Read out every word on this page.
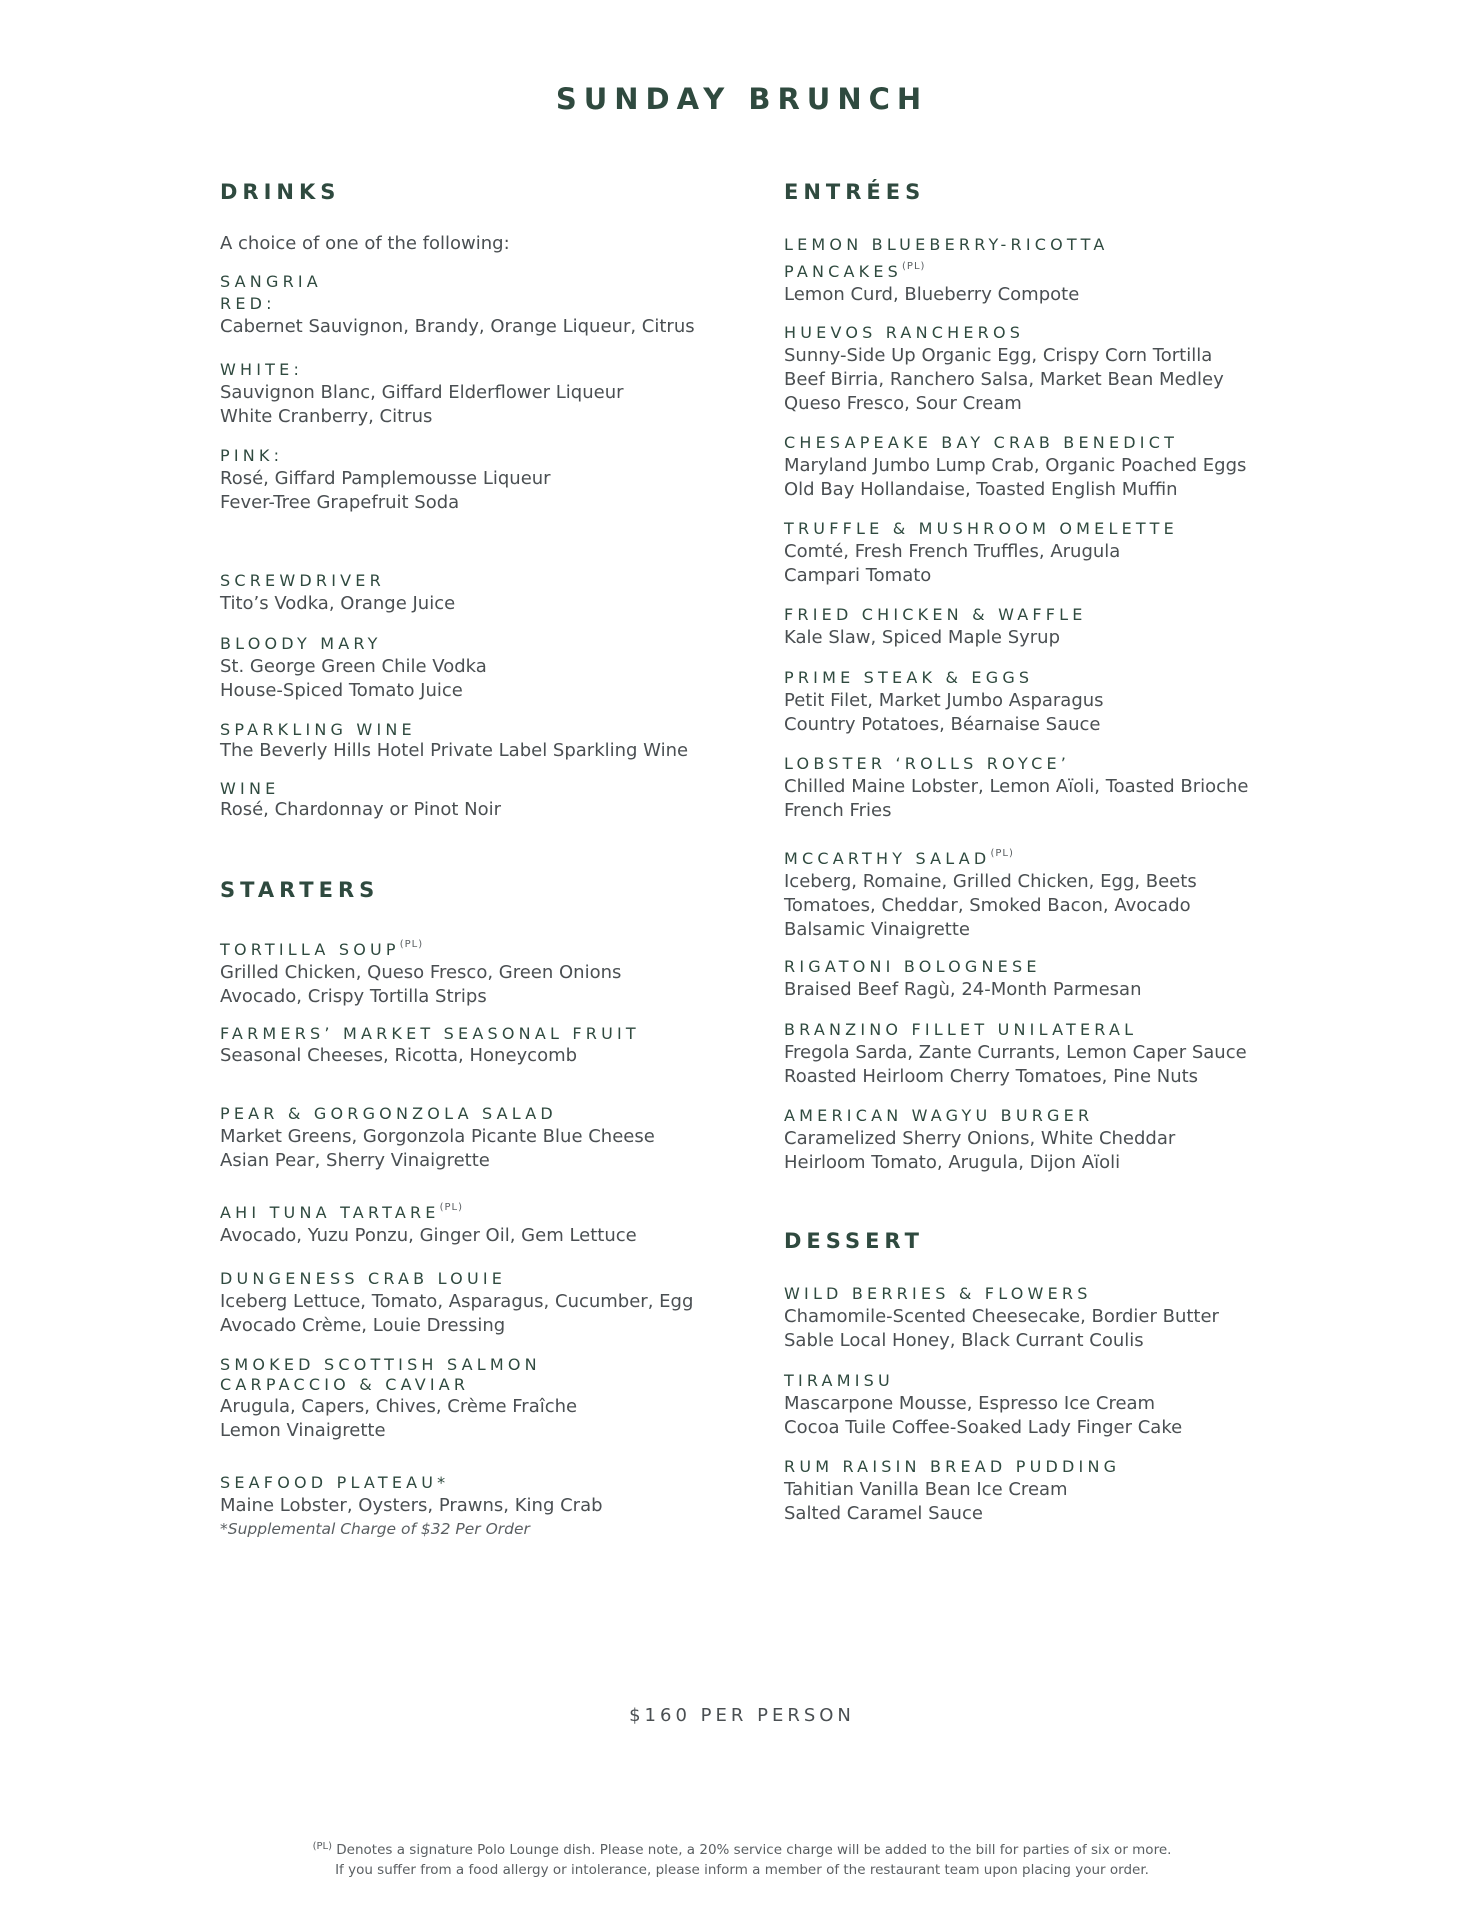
SUNDAY BRUNCH
DRINKS
A choice of one of the following:
SANGRIA
RED:
Cabernet Sauvignon, Brandy, Orange Liqueur, Citrus
WHITE:
Sauvignon Blanc, Giffard Elderflower Liqueur
White Cranberry, Citrus
PINK:
Rosé, Giffard Pamplemousse Liqueur
Fever-Tree Grapefruit Soda
SCREWDRIVER
Tito’s Vodka, Orange Juice
BLOODY MARY
St. George Green Chile Vodka
House-Spiced Tomato Juice
SPARKLING WINE
The Beverly Hills Hotel Private Label Sparkling Wine
WINE
Rosé, Chardonnay or Pinot Noir
STARTERS
TORTILLA $SOUP^{(PL)}$
Grilled Chicken, Queso Fresco, Green Onions
Avocado, Crispy Tortilla Strips
FARMERS’ MARKET SEASONAL FRUIT
Seasonal Cheeses, Ricotta, Honeycomb
PEAR & GORGONZOLA SALAD
Market Greens, Gorgonzola Picante Blue Cheese
Asian Pear, Sherry Vinaigrette
AHI TUNA $TARTARE^{(PL)}$
Avocado, Yuzu Ponzu, Ginger Oil, Gem Lettuce
DUNGENESS CRAB LOUIE
Iceberg Lettuce, Tomato, Asparagus, Cucumber, Egg
Avocado Crème, Louie Dressing
SMOKED SCOTTISH SALMON CARPACCIO & CAVIAR
Arugula, Capers, Chives, Crème Fraîche
Lemon Vinaigrette
SEAFOOD PLATEAU*
Maine Lobster, Oysters, Prawns, King Crab
*Supplemental Charge of $32 Per Order
ENTRÉES
LEMON BLUEBERRY-RICOTTA $PANCAKES^{(PL)}$
Lemon Curd, Blueberry Compote
HUEVOS RANCHEROS
Sunny-Side Up Organic Egg, Crispy Corn Tortilla
Beef Birria, Ranchero Salsa, Market Bean Medley
Queso Fresco, Sour Cream
CHESAPEAKE BAY CRAB BENEDICT
Maryland Jumbo Lump Crab, Organic Poached Eggs
Old Bay Hollandaise, Toasted English Muffin
TRUFFLE & MUSHROOM OMELETTE
Comté, Fresh French Truffles, Arugula
Campari Tomato
FRIED CHICKEN & WAFFLE
Kale Slaw, Spiced Maple Syrup
PRIME STEAK & EGGS
Petit Filet, Market Jumbo Asparagus
Country Potatoes, Béarnaise Sauce
LOBSTER ‘ROLLS ROYCE’
Chilled Maine Lobster, Lemon Aïoli, Toasted Brioche
French Fries
MCCARTHY $SALAD^{(PL)}$
Iceberg, Romaine, Grilled Chicken, Egg, Beets
Tomatoes, Cheddar, Smoked Bacon, Avocado
Balsamic Vinaigrette
RIGATONI BOLOGNESE
Braised Beef Ragù, 24-Month Parmesan
BRANZINO FILLET UNILATERAL
Fregola Sarda, Zante Currants, Lemon Caper Sauce
Roasted Heirloom Cherry Tomatoes, Pine Nuts
AMERICAN WAGYU BURGER
Caramelized Sherry Onions, White Cheddar
Heirloom Tomato, Arugula, Dijon Aïoli
DESSERT
WILD BERRIES & FLOWERS
Chamomile-Scented Cheesecake, Bordier Butter
Sable Local Honey, Black Currant Coulis
TIRAMISU
Mascarpone Mousse, Espresso Ice Cream
Cocoa Tuile Coffee-Soaked Lady Finger Cake
RUM RAISIN BREAD PUDDING
Tahitian Vanilla Bean Ice Cream
Salted Caramel Sauce
$160 PER PERSON
$^{(PL)}$ Denotes a signature Polo Lounge dish. Please note, a 20% service charge will be added to the bill for parties of six or more.
If you suffer from a food allergy or intolerance, please inform a member of the restaurant team upon placing your order.
